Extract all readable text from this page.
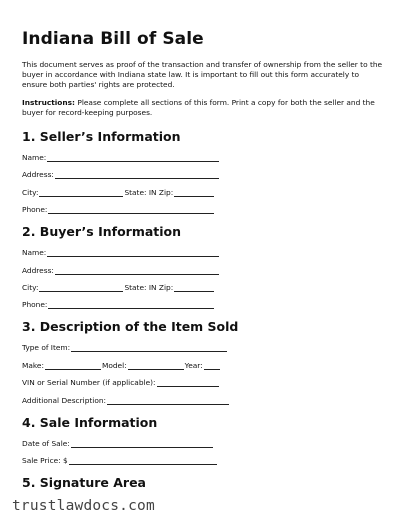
Indiana Bill of Sale

This document serves as proof of the transaction and transfer of ownership from the seller to the buyer in accordance with Indiana state law. It is important to fill out this form accurately to ensure both parties' rights are protected.

Instructions: Please complete all sections of this form. Print a copy for both the seller and the buyer for record-keeping purposes.

1. Seller’s Information
Name:
Address:
City:	State: IN Zip:
Phone:
2. Buyer’s Information
Name:
Address:
City:	State: IN Zip:
Phone:
3. Description of the Item Sold
Type of Item:
Make:	Model:	Year:
VIN or Serial Number (if applicable):
Additional Description:
4. Sale Information
Date of Sale:
Sale Price: $
5. Signature Area
trustlawdocs.com
